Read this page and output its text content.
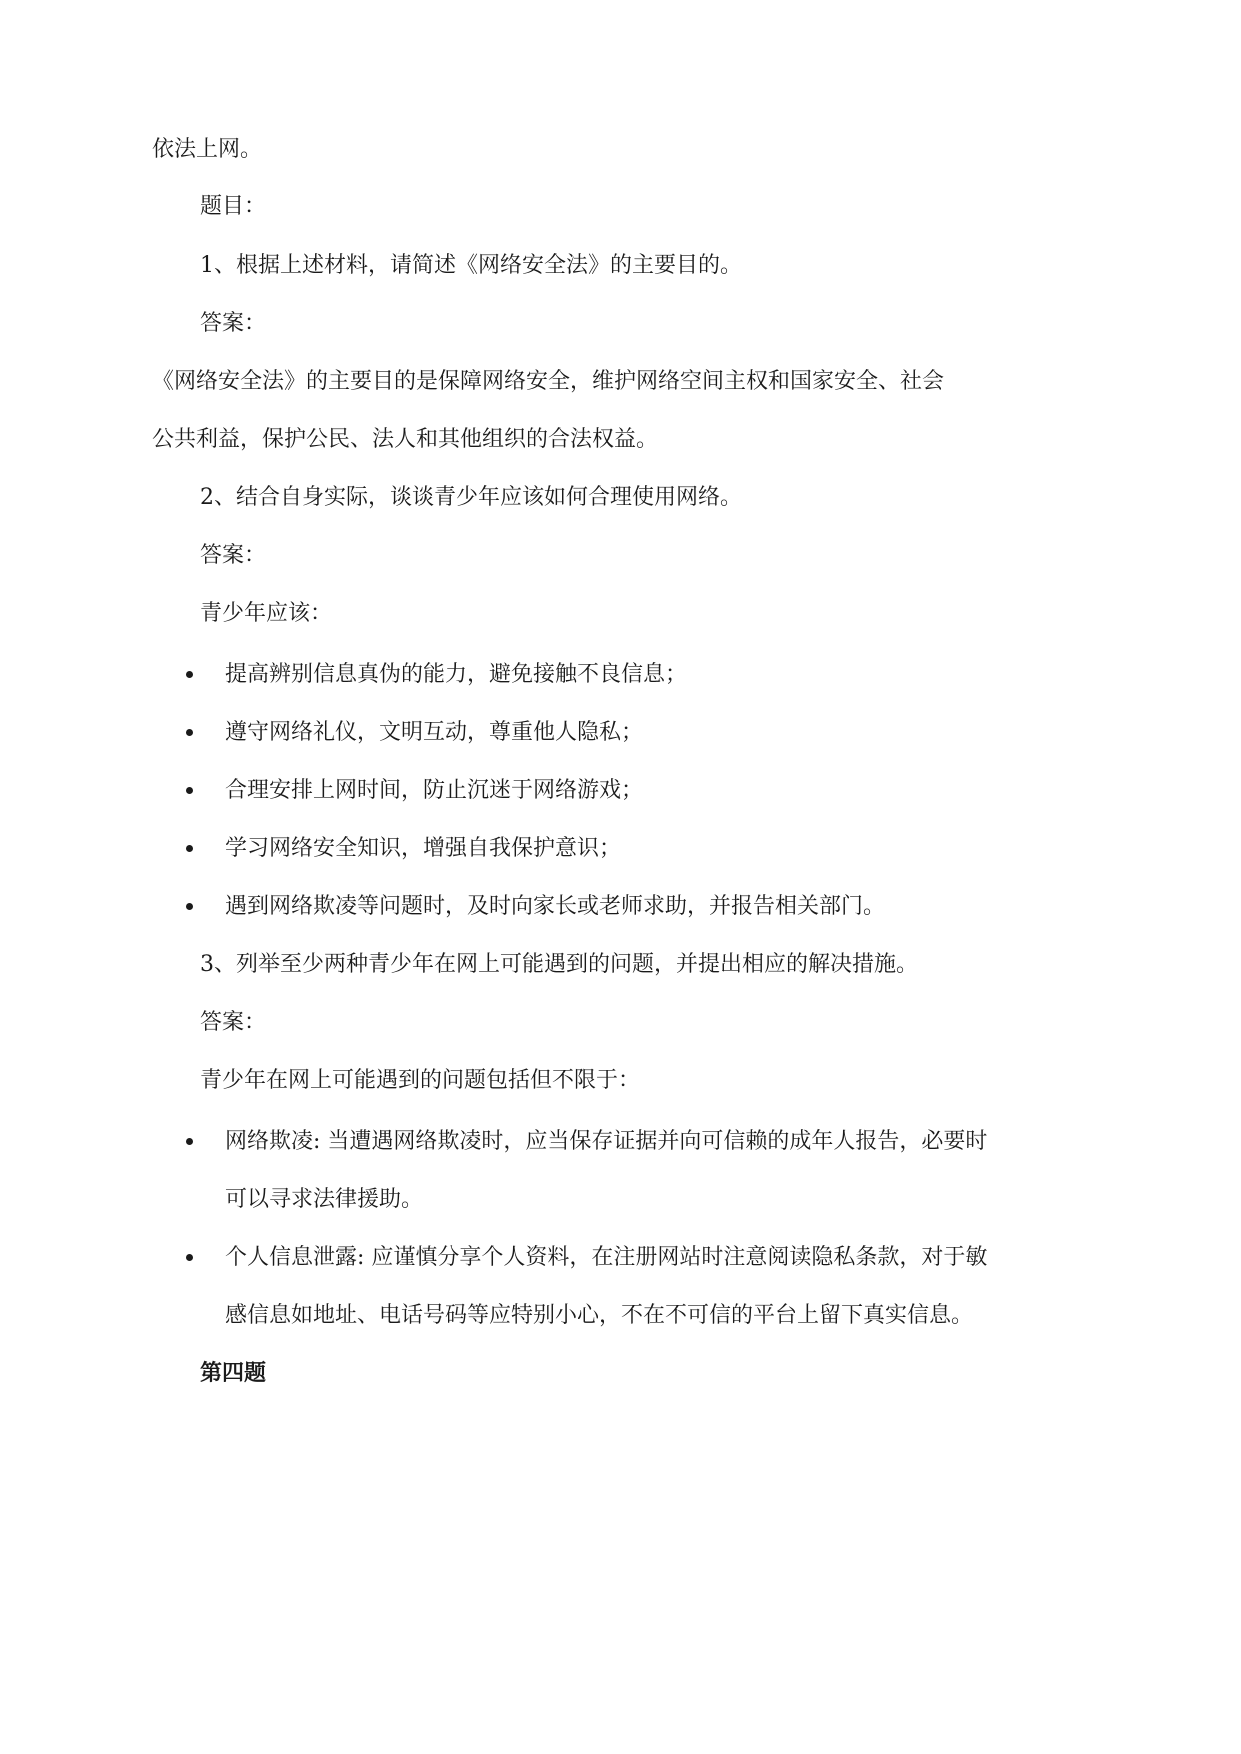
依法上网。
题目：
1、根据上述材料，请简述《网络安全法》的主要目的。
答案：
《网络安全法》的主要目的是保障网络安全，维护网络空间主权和国家安全、社会
公共利益，保护公民、法人和其他组织的合法权益。
2、结合自身实际，谈谈青少年应该如何合理使用网络。
答案：
青少年应该：
提高辨别信息真伪的能力，避免接触不良信息；
遵守网络礼仪，文明互动，尊重他人隐私；
合理安排上网时间，防止沉迷于网络游戏；
学习网络安全知识，增强自我保护意识；
遇到网络欺凌等问题时，及时向家长或老师求助，并报告相关部门。
3、列举至少两种青少年在网上可能遇到的问题，并提出相应的解决措施。
答案：
青少年在网上可能遇到的问题包括但不限于：
网络欺凌: 当遭遇网络欺凌时，应当保存证据并向可信赖的成年人报告，必要时
可以寻求法律援助。
个人信息泄露: 应谨慎分享个人资料，在注册网站时注意阅读隐私条款，对于敏
感信息如地址、电话号码等应特别小心，不在不可信的平台上留下真实信息。
第四题
